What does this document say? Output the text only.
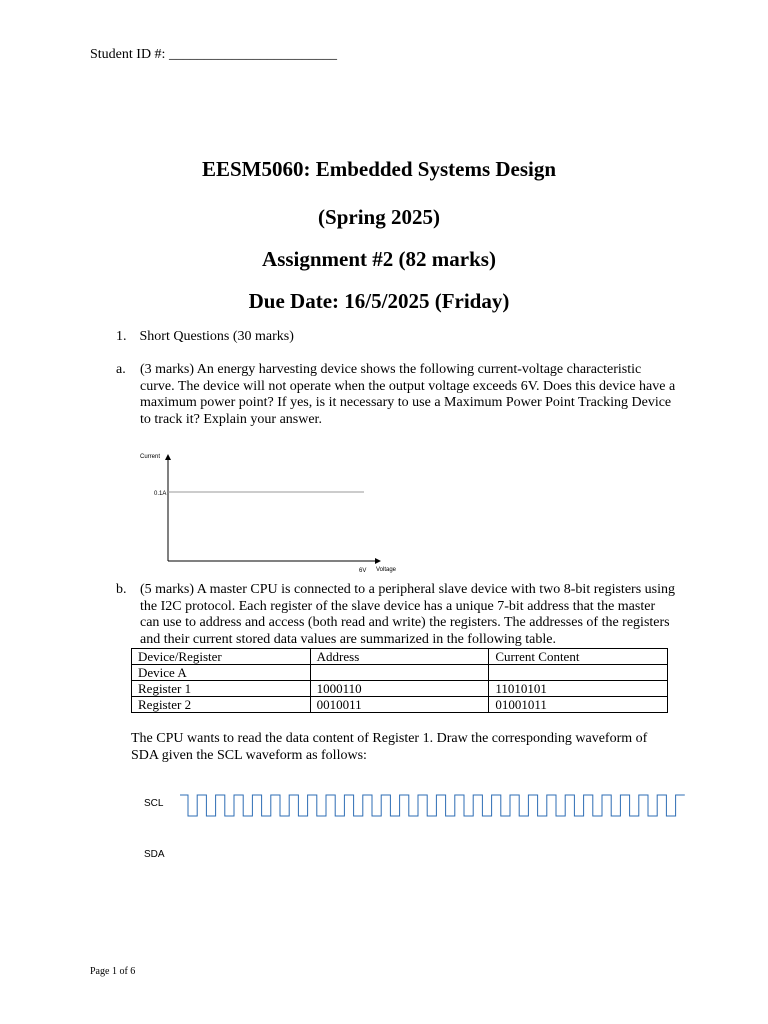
Student ID #: ________________________
EESM5060: Embedded Systems Design
(Spring 2025)
Assignment #2 (82 marks)
Due Date: 16/5/2025 (Friday)
1. Short Questions (30 marks)
a. (3 marks) An energy harvesting device shows the following current-voltage characteristic curve. The device will not operate when the output voltage exceeds 6V. Does this device have a maximum power point? If yes, is it necessary to use a Maximum Power Point Tracking Device to track it? Explain your answer.
Current
0.1A
6V Voltage
b. (5 marks) A master CPU is connected to a peripheral slave device with two 8-bit registers using the I2C protocol. Each register of the slave device has a unique 7-bit address that the master can use to address and access (both read and write) the registers. The addresses of the registers and their current stored data values are summarized in the following table.
Device/Register	Address	Current Content
Device A		
Register 1	1000110	11010101
Register 2	0010011	01001011
The CPU wants to read the data content of Register 1. Draw the corresponding waveform of SDA given the SCL waveform as follows:
SCL
SDA
Page 1 of 6
